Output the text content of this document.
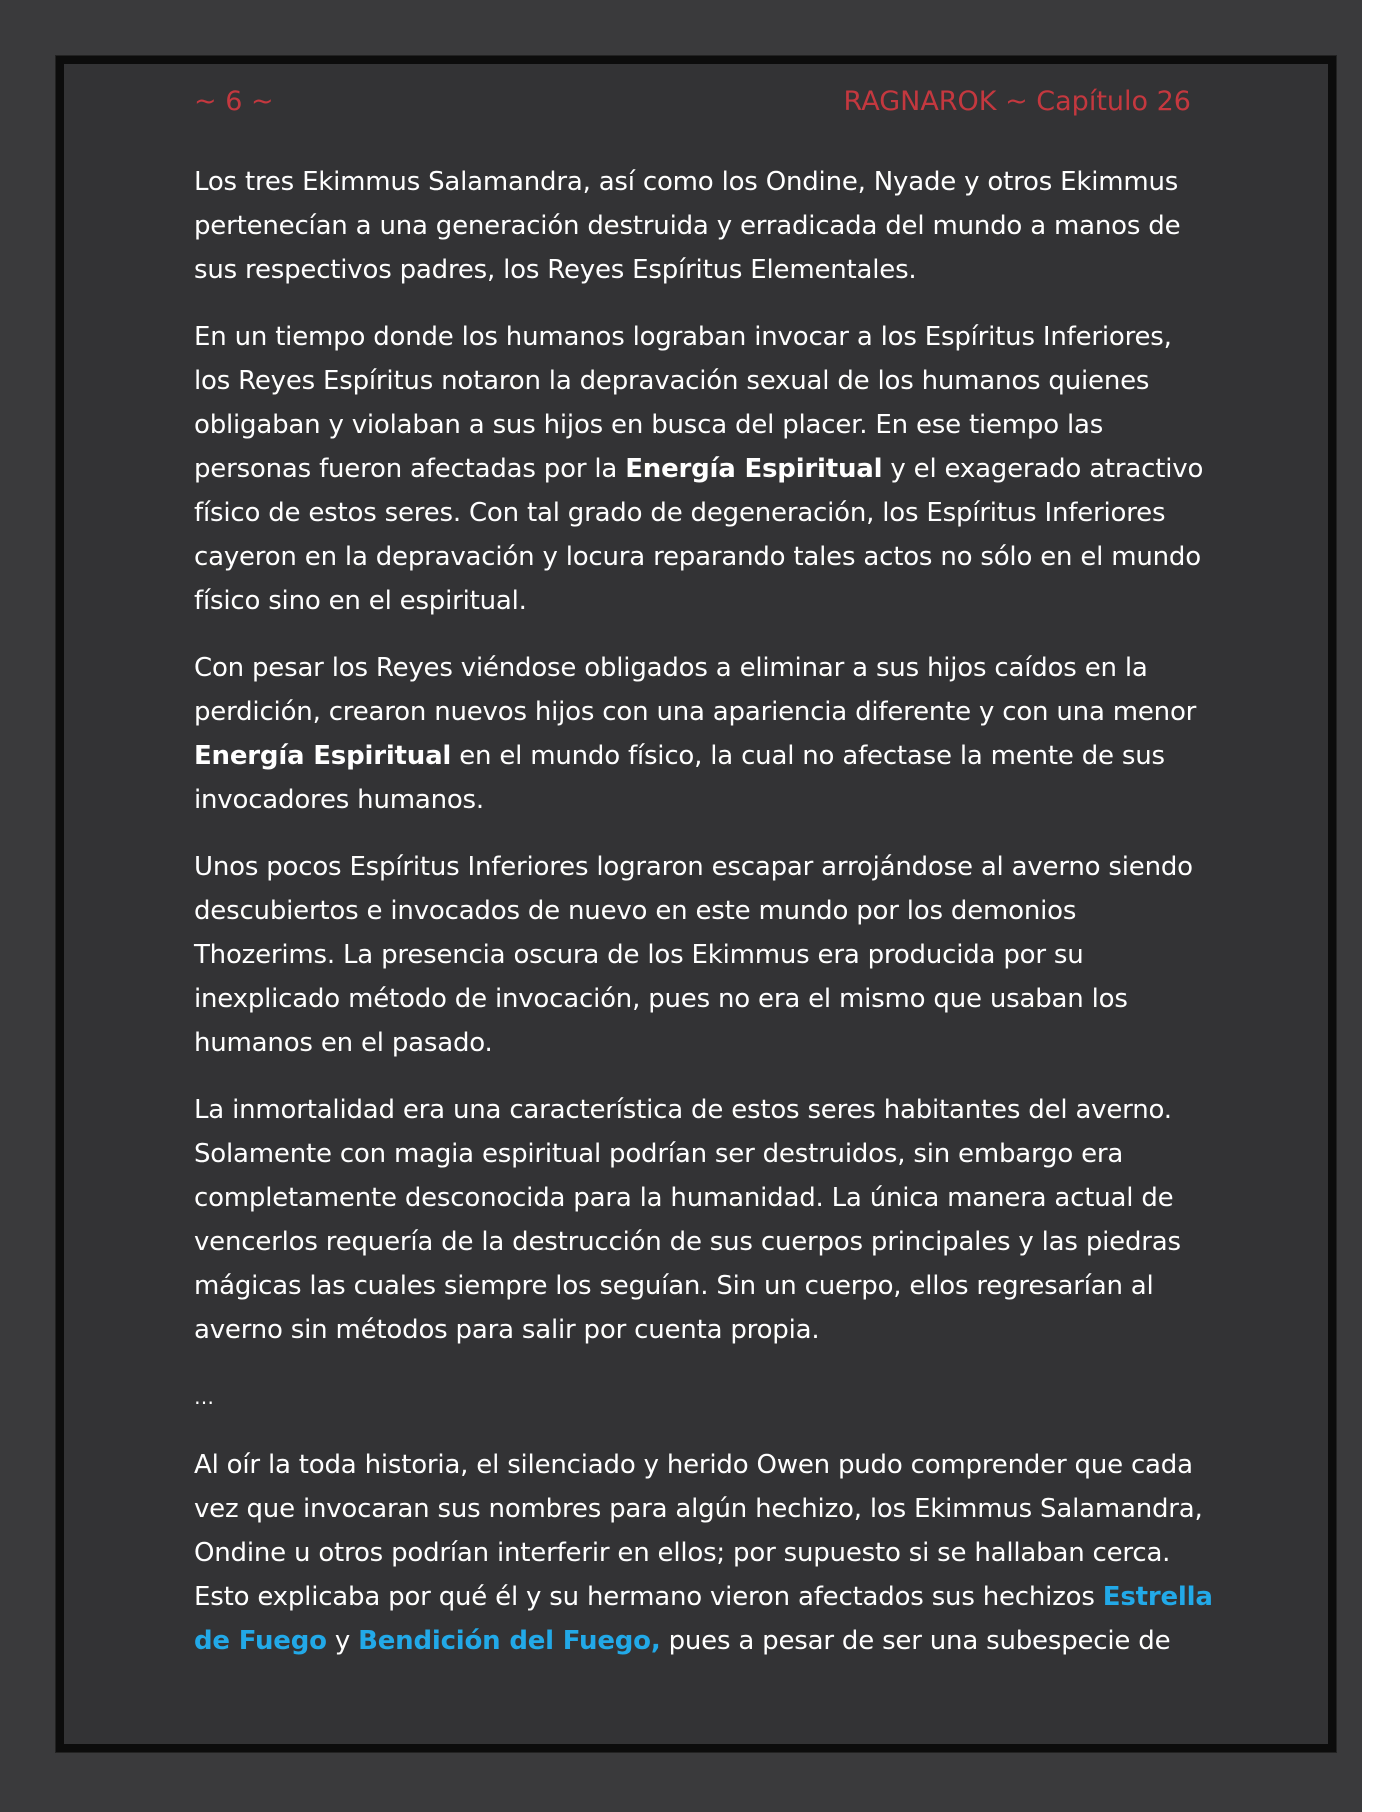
~ 6 ~	RAGNAROK ~ Capítulo 26

Los tres Ekimmus Salamandra, así como los Ondine, Nyade y otros Ekimmus pertenecían a una generación destruida y erradicada del mundo a manos de sus respectivos padres, los Reyes Espíritus Elementales.

En un tiempo donde los humanos lograban invocar a los Espíritus Inferiores, los Reyes Espíritus notaron la depravación sexual de los humanos quienes obligaban y violaban a sus hijos en busca del placer. En ese tiempo las personas fueron afectadas por la Energía Espiritual y el exagerado atractivo físico de estos seres. Con tal grado de degeneración, los Espíritus Inferiores cayeron en la depravación y locura reparando tales actos no sólo en el mundo físico sino en el espiritual.

Con pesar los Reyes viéndose obligados a eliminar a sus hijos caídos en la perdición, crearon nuevos hijos con una apariencia diferente y con una menor Energía Espiritual en el mundo físico, la cual no afectase la mente de sus invocadores humanos.

Unos pocos Espíritus Inferiores lograron escapar arrojándose al averno siendo descubiertos e invocados de nuevo en este mundo por los demonios Thozerims. La presencia oscura de los Ekimmus era producida por su inexplicado método de invocación, pues no era el mismo que usaban los humanos en el pasado.

La inmortalidad era una característica de estos seres habitantes del averno. Solamente con magia espiritual podrían ser destruidos, sin embargo era completamente desconocida para la humanidad. La única manera actual de vencerlos requería de la destrucción de sus cuerpos principales y las piedras mágicas las cuales siempre los seguían. Sin un cuerpo, ellos regresarían al averno sin métodos para salir por cuenta propia.

…

Al oír la toda historia, el silenciado y herido Owen pudo comprender que cada vez que invocaran sus nombres para algún hechizo, los Ekimmus Salamandra, Ondine u otros podrían interferir en ellos; por supuesto si se hallaban cerca. Esto explicaba por qué él y su hermano vieron afectados sus hechizos Estrella de Fuego y Bendición del Fuego, pues a pesar de ser una subespecie de
